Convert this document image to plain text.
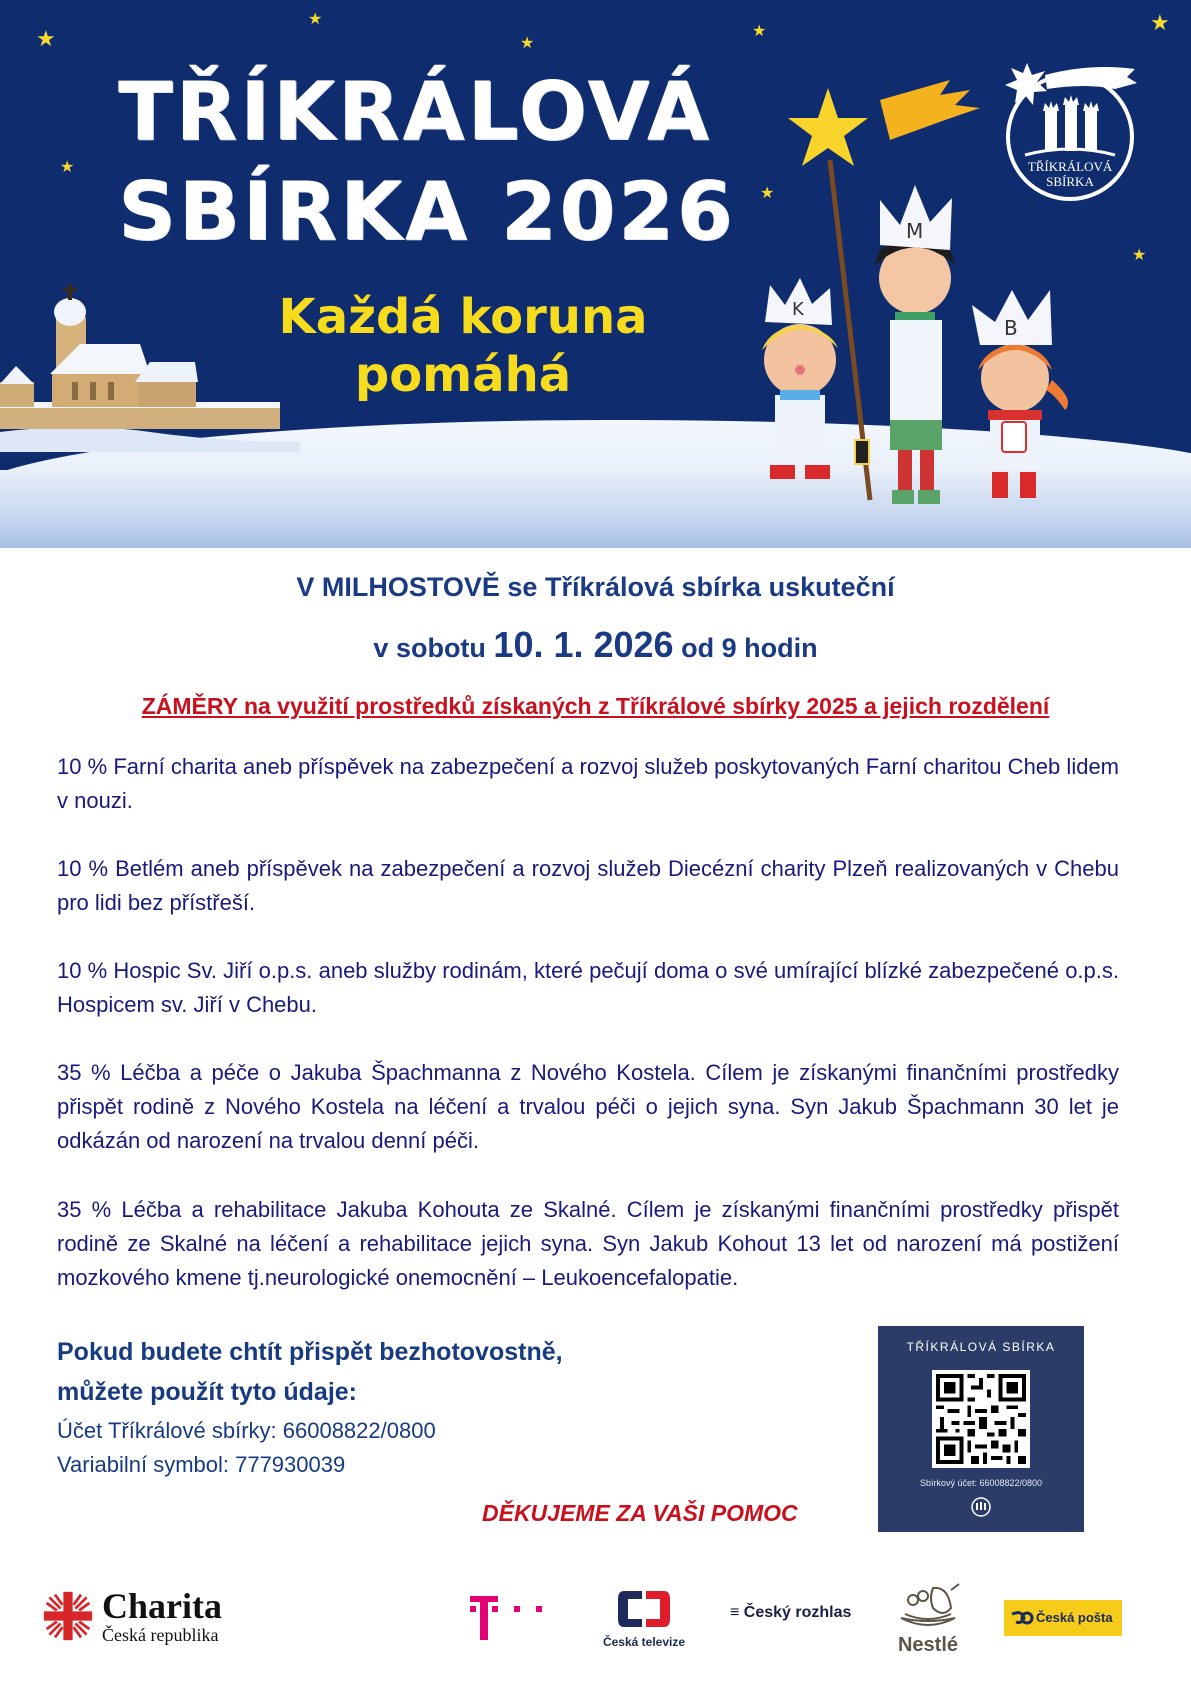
★
★
★
★
★
★
★
★
TŘÍKRÁLOVÁ
SBÍRKA 2026
Každá koruna
pomáhá
K
M
B
TŘÍKRÁLOVÁ
SBÍRKA
V MILHOSTOVĚ se Tříkrálová sbírka uskuteční
v sobotu 10. 1. 2026 od 9 hodin
ZÁMĚRY na využití prostředků získaných z Tříkrálové sbírky 2025 a jejich rozdělení

10 % Farní charita aneb příspěvek na zabezpečení a rozvoj služeb poskytovaných Farní charitou Cheb lidem v nouzi.

10 % Betlém aneb příspěvek na zabezpečení a rozvoj služeb Diecézní charity Plzeň realizovaných v Chebu pro lidi bez přístřeší.

10 % Hospic Sv. Jiří o.p.s. aneb služby rodinám, které pečují doma o své umírající blízké zabezpečené o.p.s. Hospicem sv. Jiří v Chebu.

35 % Léčba a péče o Jakuba Špachmanna z Nového Kostela. Cílem je získanými finančními prostředky přispět rodině z Nového Kostela na léčení a trvalou péči o jejich syna. Syn Jakub Špachmann 30 let je odkázán od narození na trvalou denní péči.

35 % Léčba a rehabilitace Jakuba Kohouta ze Skalné. Cílem je získanými finančními prostředky přispět rodině ze Skalné na léčení a rehabilitace jejich syna. Syn Jakub Kohout 13 let od narození má postižení mozkového kmene tj.neurologické onemocnění – Leukoencefalopatie.

Pokud budete chtít přispět bezhotovostně,
můžete použít tyto údaje:
Účet Tříkrálové sbírky: 66008822/0800
Variabilní symbol: 777930039
DĚKUJEME ZA VAŠI POMOC
TŘÍKRÁLOVÁ SBÍRKA
Sbírkový účet: 66008822/0800
Charita
Česká republika	Česká televize
≡ Český rozhlas
Nestlé
Česká pošta
